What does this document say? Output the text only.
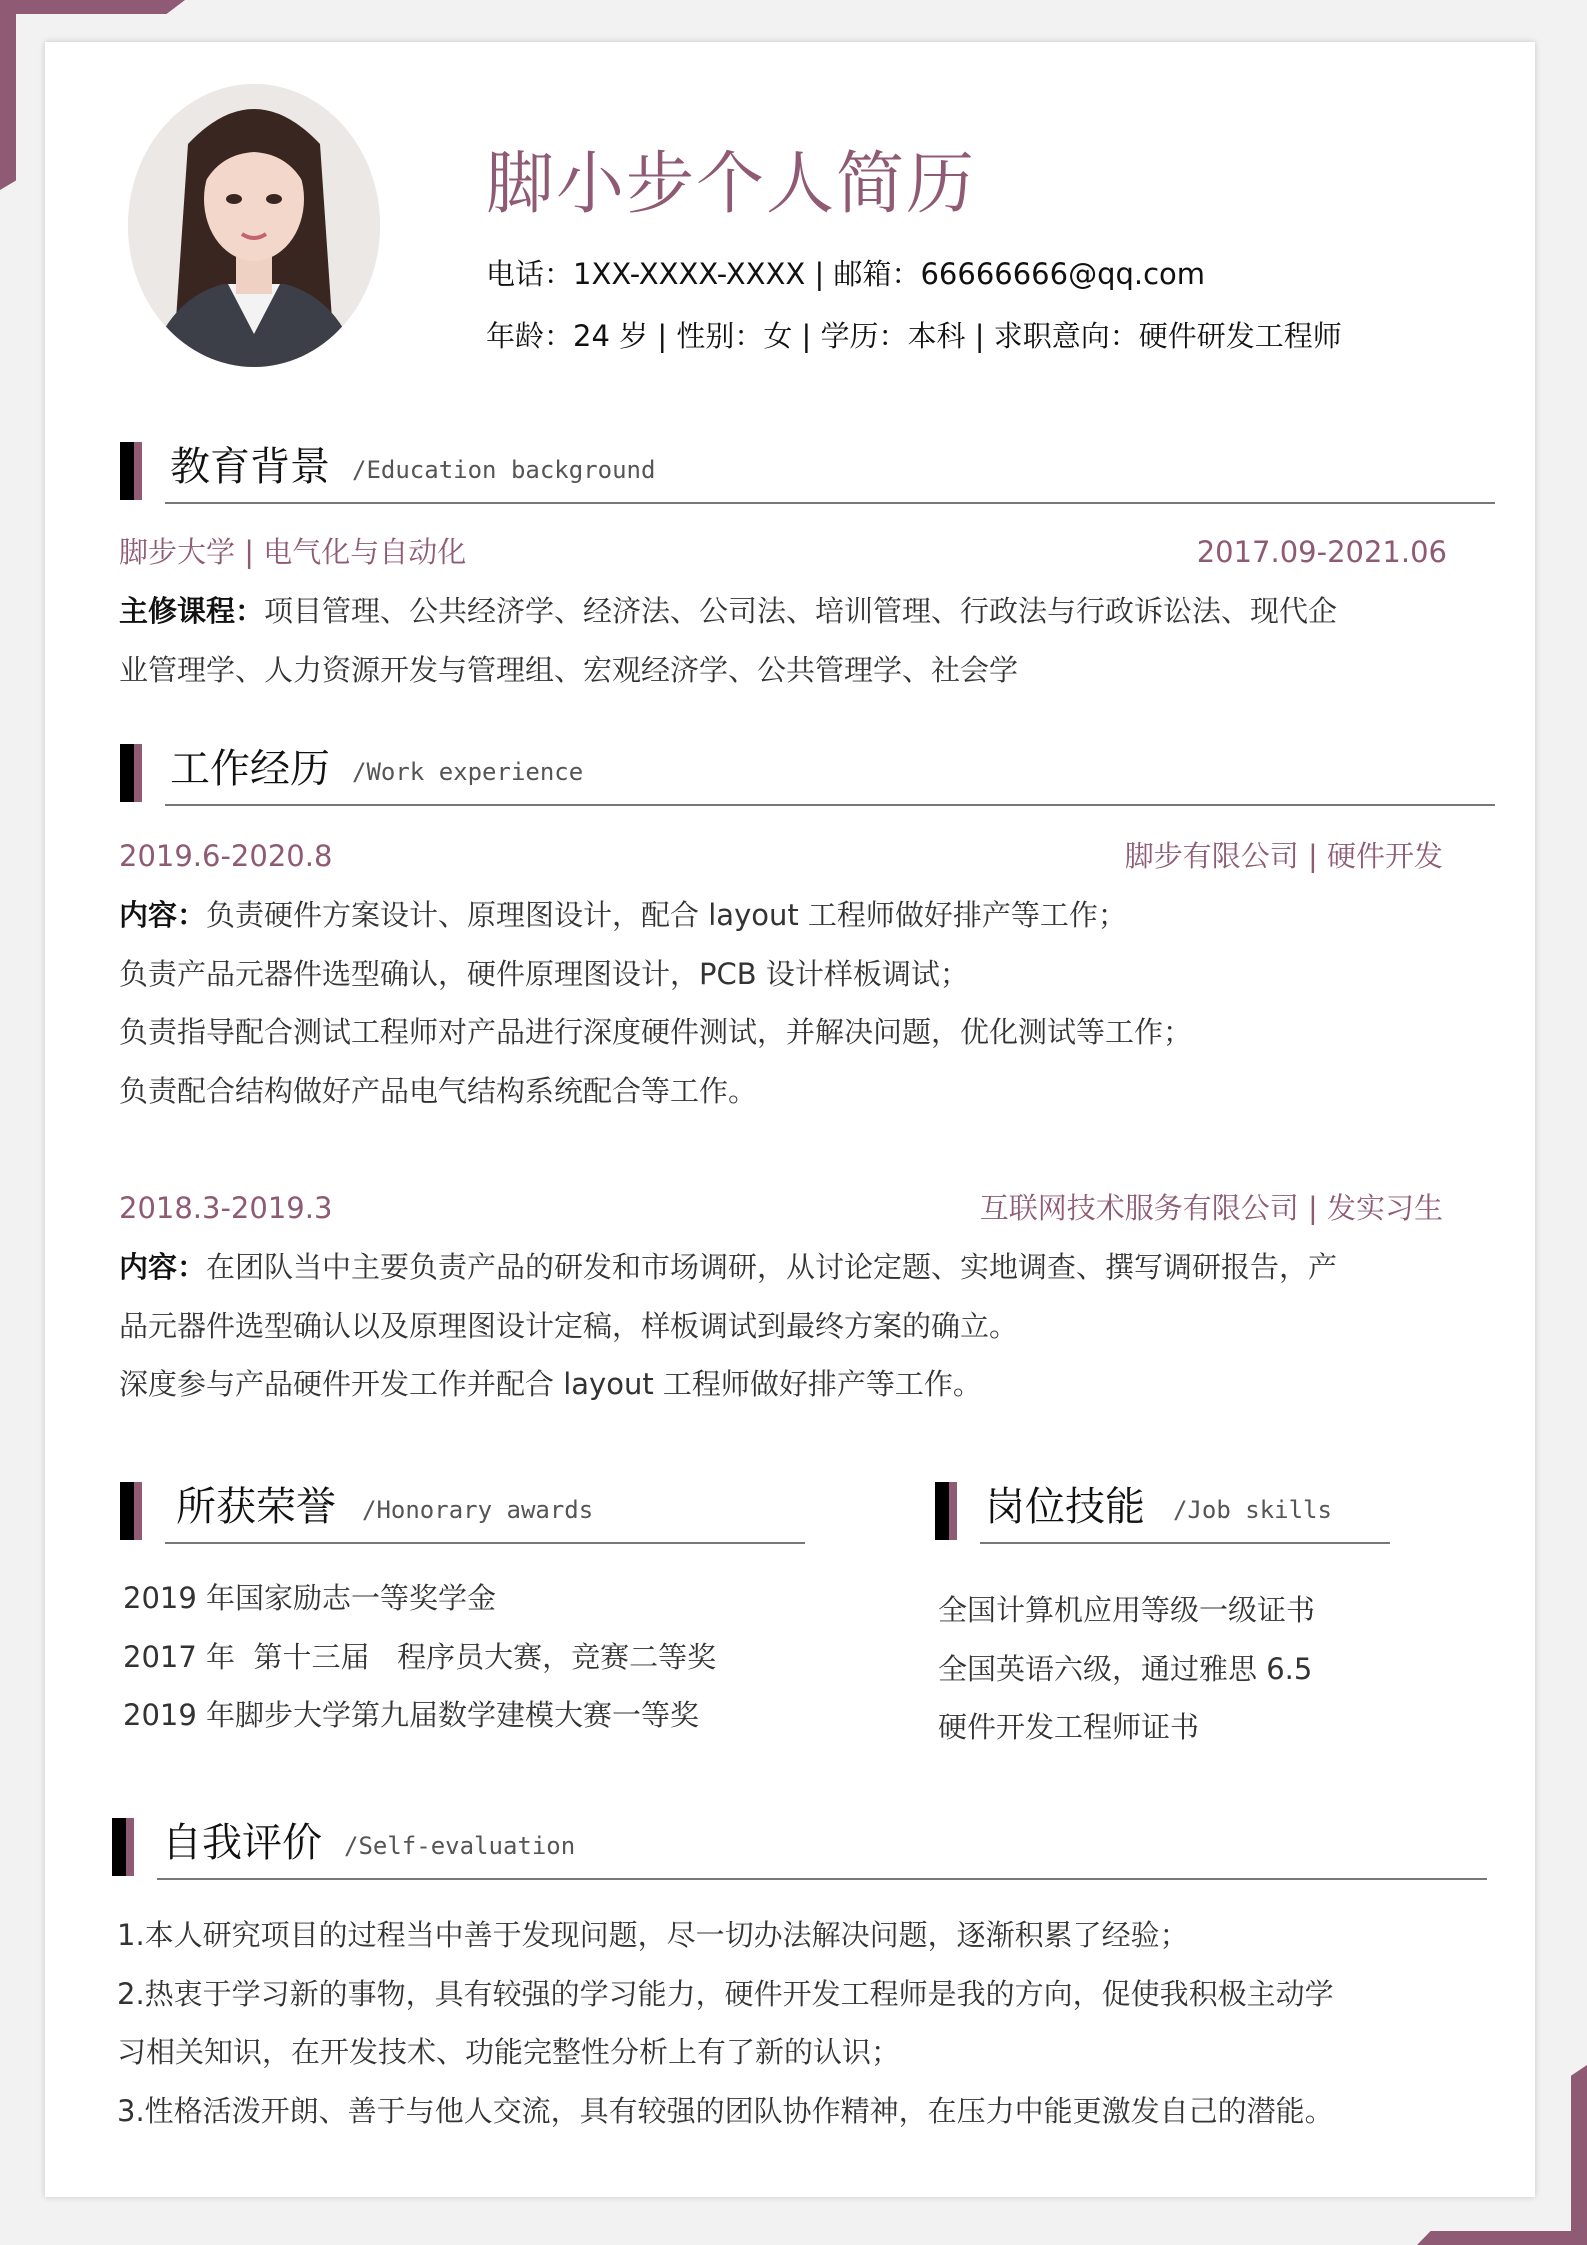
脚小步个人简历
电话：1XX-XXXX-XXXX | 邮箱：66666666@qq.com
年龄：24 岁 | 性别：女 | 学历：本科 | 求职意向：硬件研发工程师
教育背景 /Education background
脚步大学 | 电气化与自动化	2017.09-2021.06
主修课程：项目管理、公共经济学、经济法、公司法、培训管理、行政法与行政诉讼法、现代企
业管理学、人力资源开发与管理组、宏观经济学、公共管理学、社会学
工作经历 /Work experience
2019.6-2020.8	脚步有限公司 | 硬件开发
内容：负责硬件方案设计、原理图设计，配合 layout 工程师做好排产等工作；
负责产品元器件选型确认，硬件原理图设计，PCB 设计样板调试；
负责指导配合测试工程师对产品进行深度硬件测试，并解决问题，优化测试等工作；
负责配合结构做好产品电气结构系统配合等工作。
2018.3-2019.3	互联网技术服务有限公司 | 发实习生
内容：在团队当中主要负责产品的研发和市场调研，从讨论定题、实地调查、撰写调研报告，产
品元器件选型确认以及原理图设计定稿，样板调试到最终方案的确立。
深度参与产品硬件开发工作并配合 layout 工程师做好排产等工作。
所获荣誉 /Honorary awards
2019 年国家励志一等奖学金
2017 年  第十三届   程序员大赛，竞赛二等奖
2019 年脚步大学第九届数学建模大赛一等奖
岗位技能 /Job skills
全国计算机应用等级一级证书
全国英语六级，通过雅思 6.5
硬件开发工程师证书
自我评价 /Self-evaluation
1.本人研究项目的过程当中善于发现问题，尽一切办法解决问题，逐渐积累了经验；
2.热衷于学习新的事物，具有较强的学习能力，硬件开发工程师是我的方向，促使我积极主动学
习相关知识，在开发技术、功能完整性分析上有了新的认识；
3.性格活泼开朗、善于与他人交流，具有较强的团队协作精神，在压力中能更激发自己的潜能。
